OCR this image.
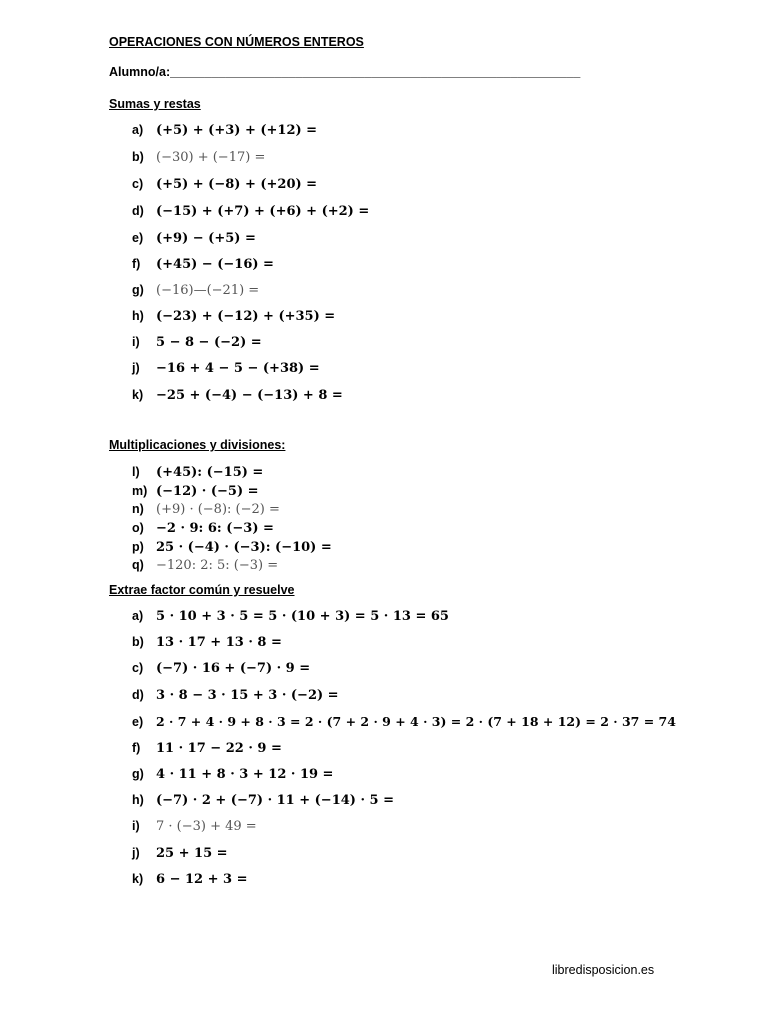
OPERACIONES CON NÚMEROS ENTEROS
Alumno/a:___________________________________________________________
Sumas y restas
a) (+5) + (+3) + (+12) =
b) (−30) + (−17) =
c) (+5) + (−8) + (+20) =
d) (−15) + (+7) + (+6) + (+2) =
e) (+9) − (+5) =
f) (+45) − (−16) =
g) (−16)—(−21) =
h) (−23) + (−12) + (+35) =
i) 5 − 8 − (−2) =
j) −16 + 4 − 5 − (+38) =
k) −25 + (−4) − (−13) + 8 =
Multiplicaciones y divisiones:
l) (+45): (−15) =
m) (−12) · (−5) =
n) (+9) · (−8): (−2) =
o) −2 · 9: 6: (−3) =
p) 25 · (−4) · (−3): (−10) =
q) −120: 2: 5: (−3) =
Extrae factor común y resuelve
a) 5 · 10 + 3 · 5 = 5 · (10 + 3) = 5 · 13 = 65
b) 13 · 17 + 13 · 8 =
c) (−7) · 16 + (−7) · 9 =
d) 3 · 8 − 3 · 15 + 3 · (−2) =
e) 2 · 7 + 4 · 9 + 8 · 3 = 2 · (7 + 2 · 9 + 4 · 3) = 2 · (7 + 18 + 12) = 2 · 37 = 74
f) 11 · 17 − 22 · 9 =
g) 4 · 11 + 8 · 3 + 12 · 19 =
h) (−7) · 2 + (−7) · 11 + (−14) · 5 =
i) 7 · (−3) + 49 =
j) 25 + 15 =
k) 6 − 12 + 3 =
libredisposicion.es
